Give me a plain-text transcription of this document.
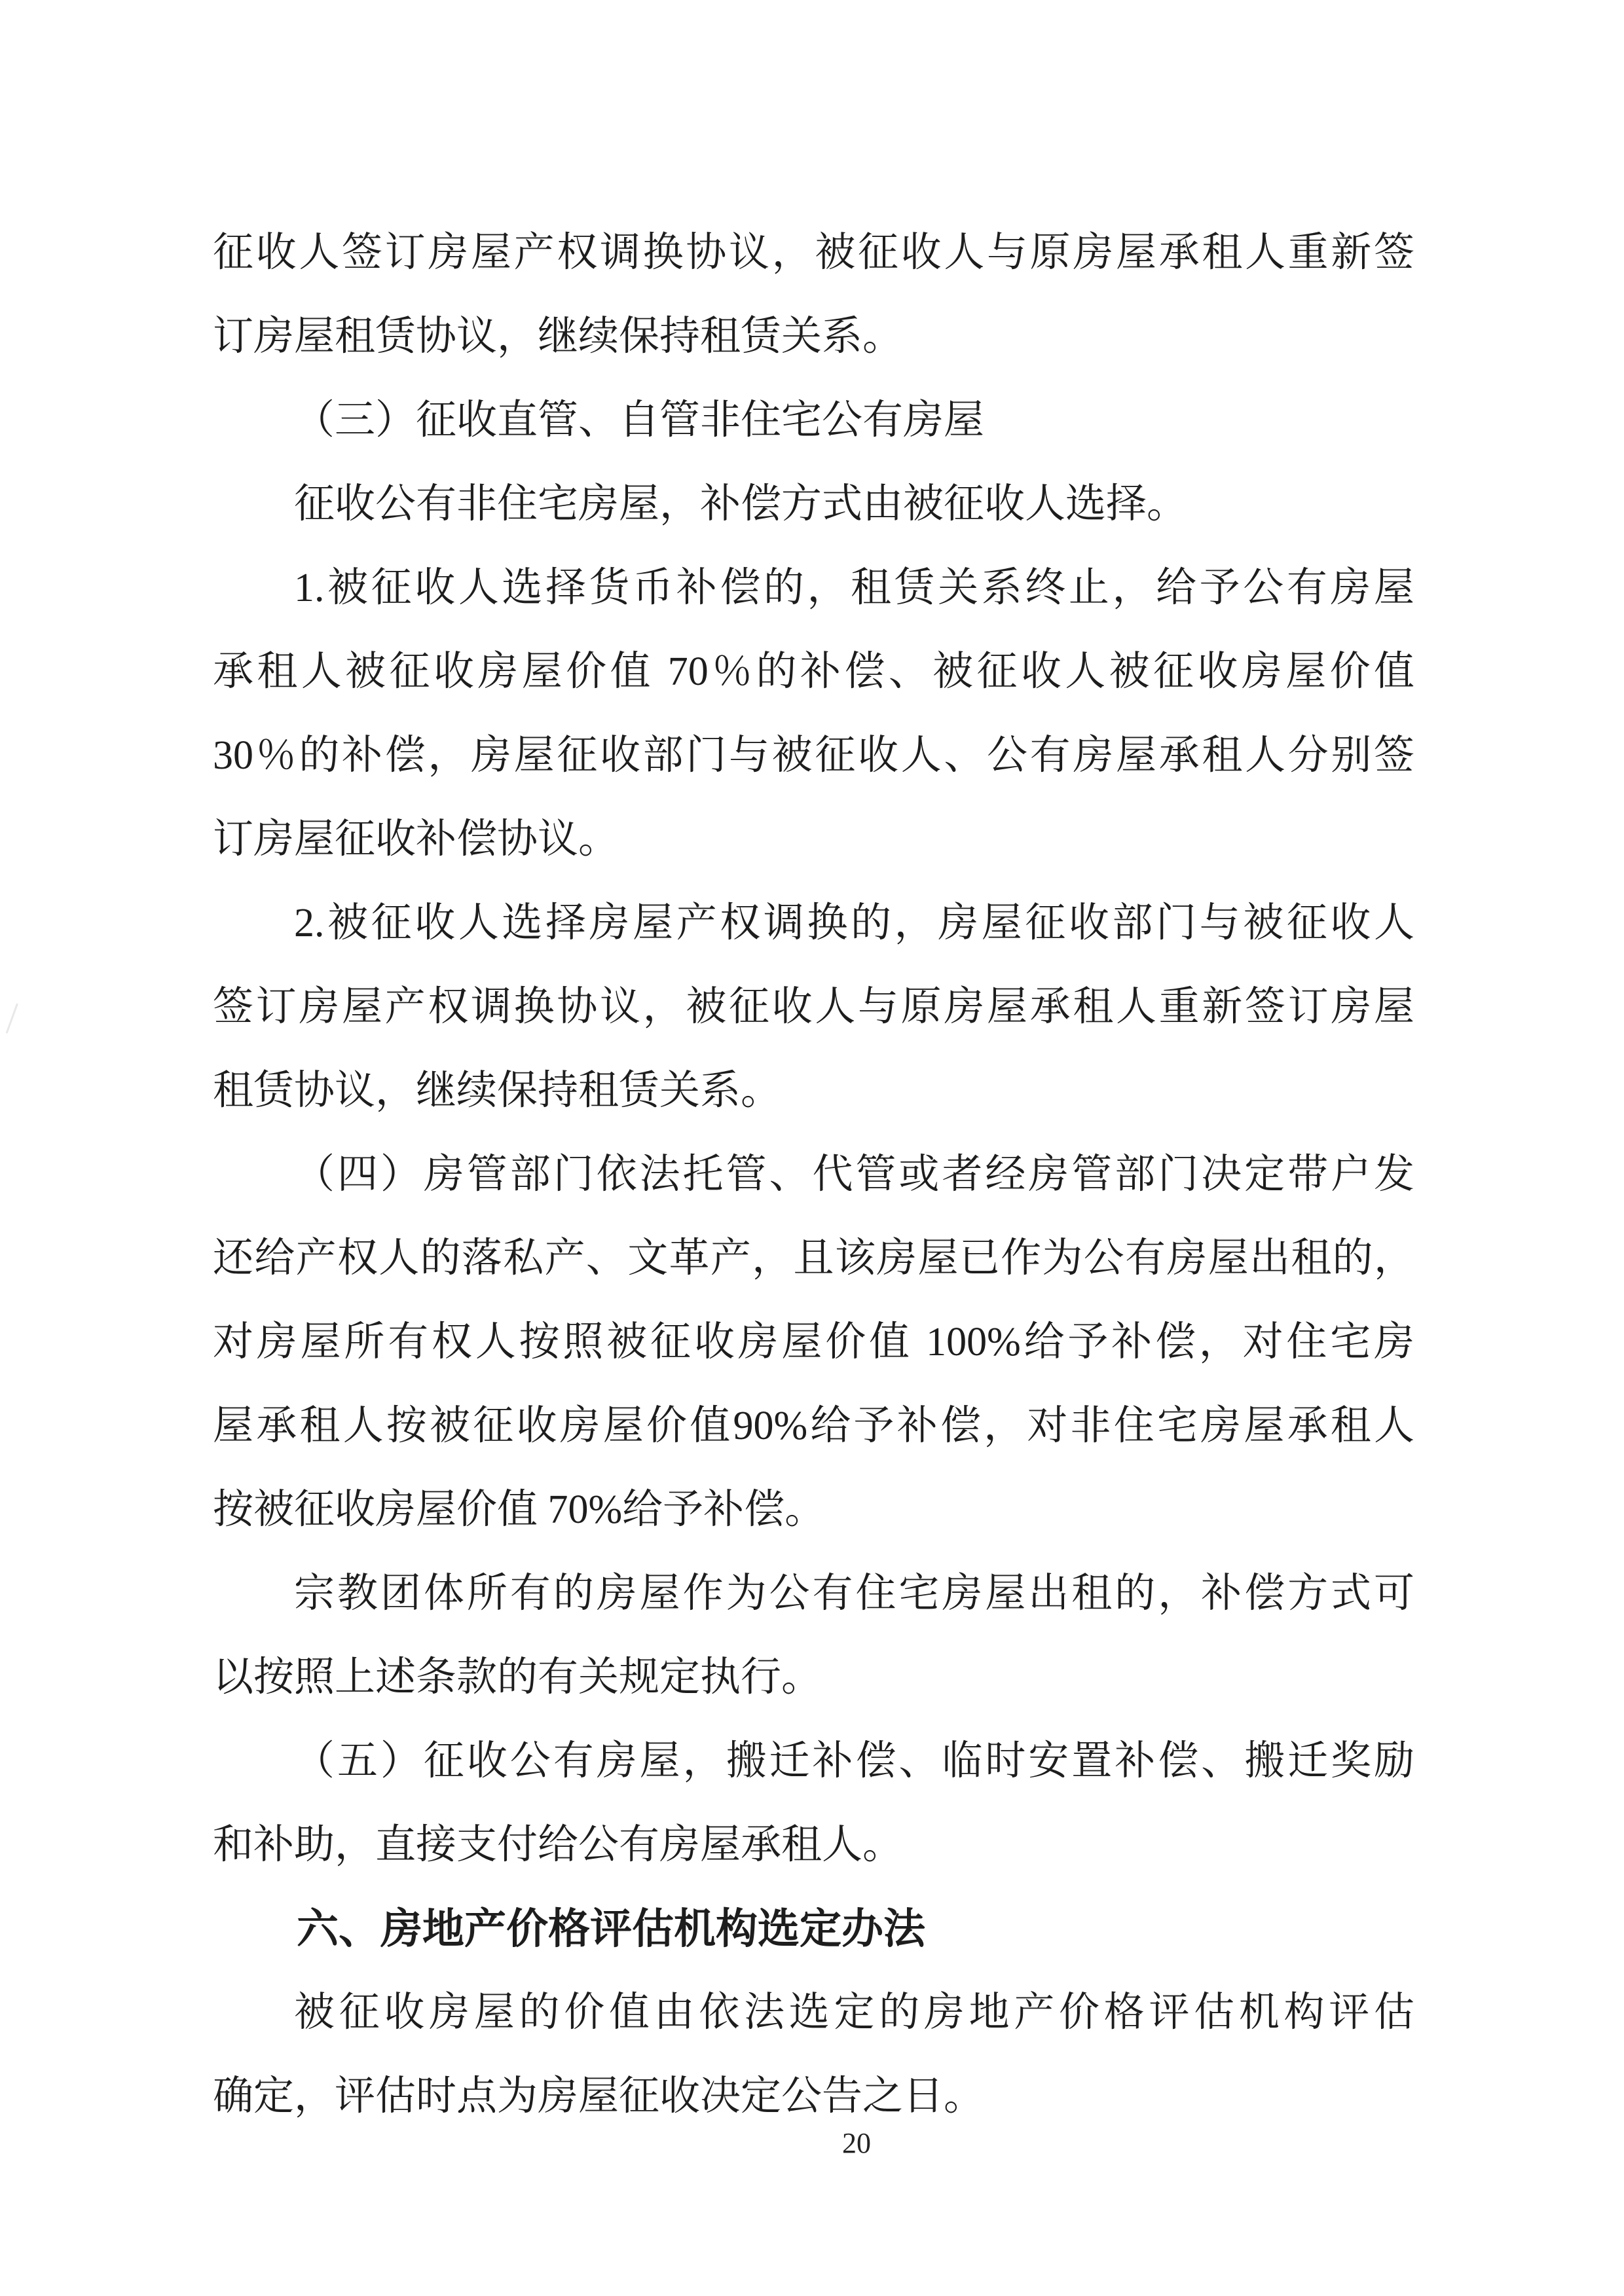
征收人签订房屋产权调换协议，被征收人与原房屋承租人重新签
订房屋租赁协议，继续保持租赁关系。
（三）征收直管、自管非住宅公有房屋
征收公有非住宅房屋，补偿方式由被征收人选择。
1.被征收人选择货币补偿的，租赁关系终止，给予公有房屋
承租人被征收房屋价值 70％的补偿、被征收人被征收房屋价值
30％的补偿，房屋征收部门与被征收人、公有房屋承租人分别签
订房屋征收补偿协议。
2.被征收人选择房屋产权调换的，房屋征收部门与被征收人
签订房屋产权调换协议，被征收人与原房屋承租人重新签订房屋
租赁协议，继续保持租赁关系。
（四）房管部门依法托管、代管或者经房管部门决定带户发
还给产权人的落私产、文革产，且该房屋已作为公有房屋出租的，
对房屋所有权人按照被征收房屋价值 100%给予补偿，对住宅房
屋承租人按被征收房屋价值90%给予补偿，对非住宅房屋承租人
按被征收房屋价值 70%给予补偿。
宗教团体所有的房屋作为公有住宅房屋出租的，补偿方式可
以按照上述条款的有关规定执行。
（五）征收公有房屋，搬迁补偿、临时安置补偿、搬迁奖励
和补助，直接支付给公有房屋承租人。
六、房地产价格评估机构选定办法
被征收房屋的价值由依法选定的房地产价格评估机构评估
确定，评估时点为房屋征收决定公告之日。
20
